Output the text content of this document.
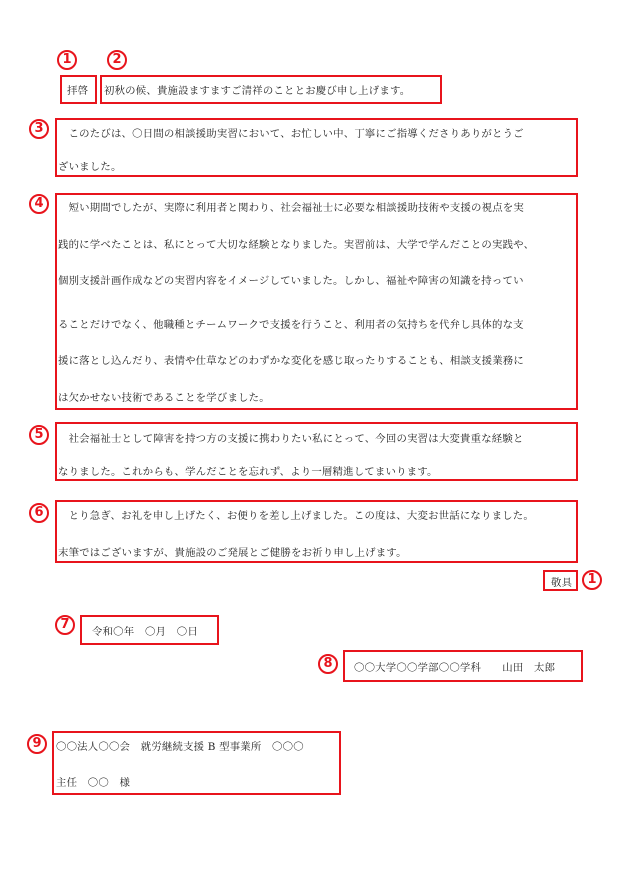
1	2
3
4
5
6
1
7
8
9
拝啓 初秋の候、貴施設ますますご清祥のこととお慶び申し上げます。
　このたびは、〇日間の相談援助実習において、お忙しい中、丁寧にご指導くださりありがとうご
ざいました。
　短い期間でしたが、実際に利用者と関わり、社会福祉士に必要な相談援助技術や支援の視点を実
践的に学べたことは、私にとって大切な経験となりました。実習前は、大学で学んだことの実践や、
個別支援計画作成などの実習内容をイメージしていました。しかし、福祉や障害の知識を持ってい
ることだけでなく、他職種とチームワークで支援を行うこと、利用者の気持ちを代弁し具体的な支
援に落とし込んだり、表情や仕草などのわずかな変化を感じ取ったりすることも、相談支援業務に
は欠かせない技術であることを学びました。
　社会福祉士として障害を持つ方の支援に携わりたい私にとって、今回の実習は大変貴重な経験と
なりました。これからも、学んだことを忘れず、より一層精進してまいります。
　とり急ぎ、お礼を申し上げたく、お便りを差し上げました。この度は、大変お世話になりました。
末筆ではございますが、貴施設のご発展とご健勝をお祈り申し上げます。
敬具
令和〇年　〇月　〇日
〇〇大学〇〇学部〇〇学科　　山田　太郎
〇〇法人〇〇会　就労継続支援 B 型事業所　〇〇〇
主任　〇〇　様
